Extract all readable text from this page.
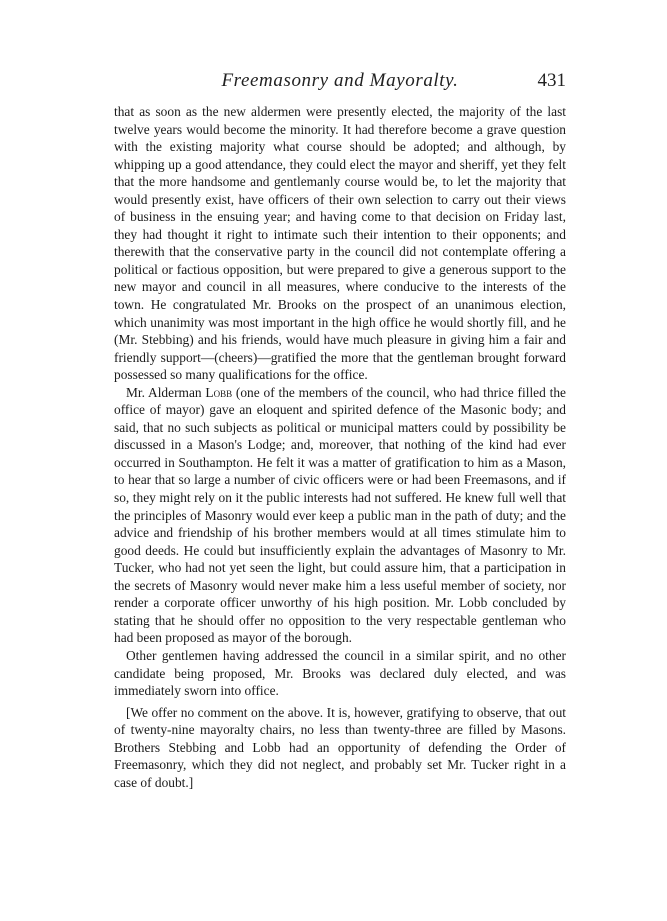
Freemasonry and Mayoralty.	431

that as soon as the new aldermen were presently elected, the majority of the last twelve years would become the minority. It had therefore become a grave question with the existing majority what course should be adopted; and although, by whipping up a good attendance, they could elect the mayor and sheriff, yet they felt that the more handsome and gentlemanly course would be, to let the majority that would presently exist, have officers of their own selection to carry out their views of business in the ensuing year; and having come to that decision on Friday last, they had thought it right to intimate such their intention to their opponents; and therewith that the conservative party in the council did not contemplate offering a political or factious opposition, but were prepared to give a generous support to the new mayor and council in all measures, where conducive to the interests of the town. He congratulated Mr. Brooks on the prospect of an unanimous election, which unanimity was most important in the high office he would shortly fill, and he (Mr. Stebbing) and his friends, would have much pleasure in giving him a fair and friendly support—(cheers)—gratified the more that the gentleman brought forward possessed so many qualifications for the office.

Mr. Alderman Lobb (one of the members of the council, who had thrice filled the office of mayor) gave an eloquent and spirited defence of the Masonic body; and said, that no such subjects as political or municipal matters could by possibility be discussed in a Mason's Lodge; and, moreover, that nothing of the kind had ever occurred in Southampton. He felt it was a matter of gratification to him as a Mason, to hear that so large a number of civic officers were or had been Freemasons, and if so, they might rely on it the public interests had not suffered. He knew full well that the principles of Masonry would ever keep a public man in the path of duty; and the advice and friendship of his brother members would at all times stimulate him to good deeds. He could but insufficiently explain the advantages of Masonry to Mr. Tucker, who had not yet seen the light, but could assure him, that a participation in the secrets of Masonry would never make him a less useful member of society, nor render a corporate officer unworthy of his high position. Mr. Lobb concluded by stating that he should offer no opposition to the very respectable gentleman who had been proposed as mayor of the borough.

Other gentlemen having addressed the council in a similar spirit, and no other candidate being proposed, Mr. Brooks was declared duly elected, and was immediately sworn into office.

[We offer no comment on the above. It is, however, gratifying to observe, that out of twenty-nine mayoralty chairs, no less than twenty-three are filled by Masons. Brothers Stebbing and Lobb had an opportunity of defending the Order of Freemasonry, which they did not neglect, and probably set Mr. Tucker right in a case of doubt.]
